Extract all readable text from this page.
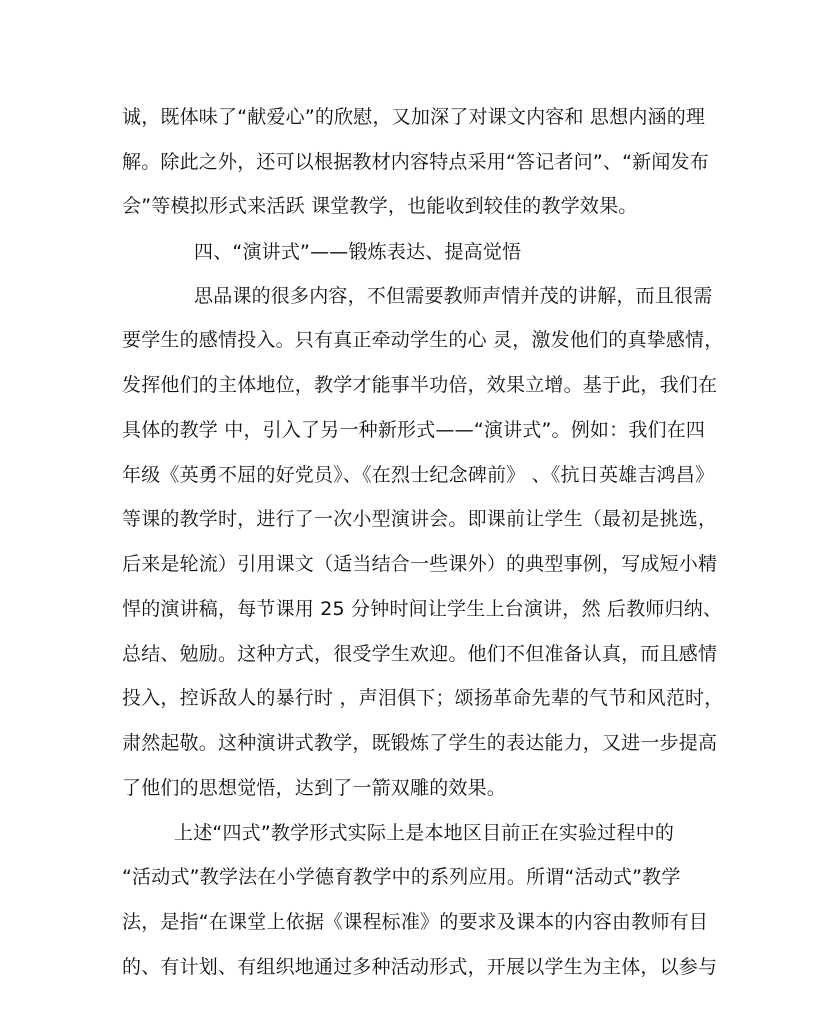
诚，既体味了“献爱心”的欣慰，又加深了对课文内容和 思想内涵的理
解。除此之外，还可以根据教材内容特点采用“答记者问”、“新闻发布
会”等模拟形式来活跃 课堂教学，也能收到较佳的教学效果。
四、“演讲式”——锻炼表达、提高觉悟
思品课的很多内容，不但需要教师声情并茂的讲解，而且很需
要学生的感情投入。只有真正牵动学生的心 灵，激发他们的真挚感情，
发挥他们的主体地位，教学才能事半功倍，效果立增。基于此，我们在
具体的教学 中，引入了另一种新形式——“演讲式”。例如：我们在四
年级《英勇不屈的好党员》、《在烈士纪念碑前》 、《抗日英雄吉鸿昌》
等课的教学时，进行了一次小型演讲会。即课前让学生（最初是挑选，
后来是轮流）引用课文（适当结合一些课外）的典型事例，写成短小精
悍的演讲稿，每节课用 25 分钟时间让学生上台演讲，然 后教师归纳、
总结、勉励。这种方式，很受学生欢迎。他们不但准备认真，而且感情
投入，控诉敌人的暴行时 ，声泪俱下；颂扬革命先辈的气节和风范时，
肃然起敬。这种演讲式教学，既锻炼了学生的表达能力，又进一步提高
了他们的思想觉悟，达到了一箭双雕的效果。
上述“四式”教学形式实际上是本地区目前正在实验过程中的
“活动式”教学法在小学德育教学中的系列应用。所谓“活动式”教学
法，是指“在课堂上依据《课程标准》的要求及课本的内容由教师有目
的、有计划、有组织地通过多种活动形式，开展以学生为主体，以参与
